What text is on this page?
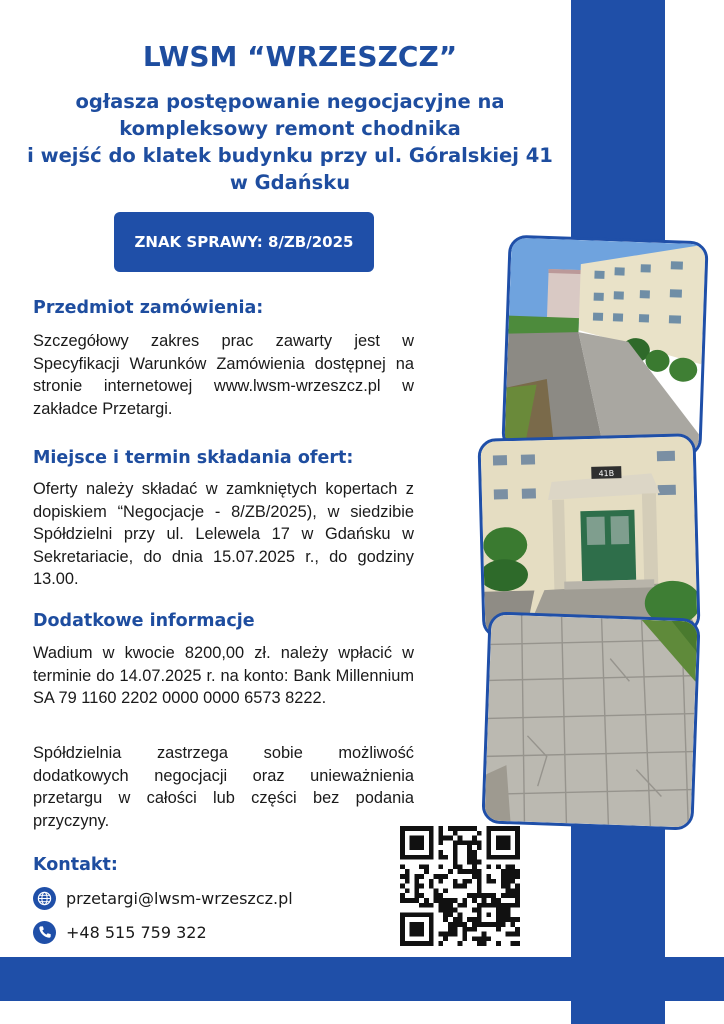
LWSM “WRZESZCZ”
ogłasza postępowanie negocjacyjne na
kompleksowy remont chodnika
i wejść do klatek budynku przy ul. Góralskiej 41
w Gdańsku
ZNAK SPRAWY: 8/ZB/2025
Przedmiot zamówienia:

Szczegółowy zakres prac zawarty jest w Specyfikacji Warunków Zamówienia dostępnej na stronie internetowej www.lwsm-wrzeszcz.pl w zakładce Przetargi.

Miejsce i termin składania ofert:

Oferty należy składać w zamkniętych kopertach z dopiskiem “Negocjacje - 8/ZB/2025), w siedzibie Spółdzielni przy ul. Lelewela 17 w Gdańsku w Sekretariacie, do dnia 15.07.2025 r., do godziny 13.00.

Dodatkowe informacje

Wadium w kwocie 8200,00 zł. należy wpłacić w terminie do 14.07.2025 r. na konto: Bank Millennium SA 79 1160 2202 0000 0000 6573 8222.

Spółdzielnia zastrzega sobie możliwość dodatkowych negocjacji oraz unieważnienia przetargu w całości lub części bez podania przyczyny.

Kontakt:
przetargi@lwsm-wrzeszcz.pl
+48 515 759 322
41B
